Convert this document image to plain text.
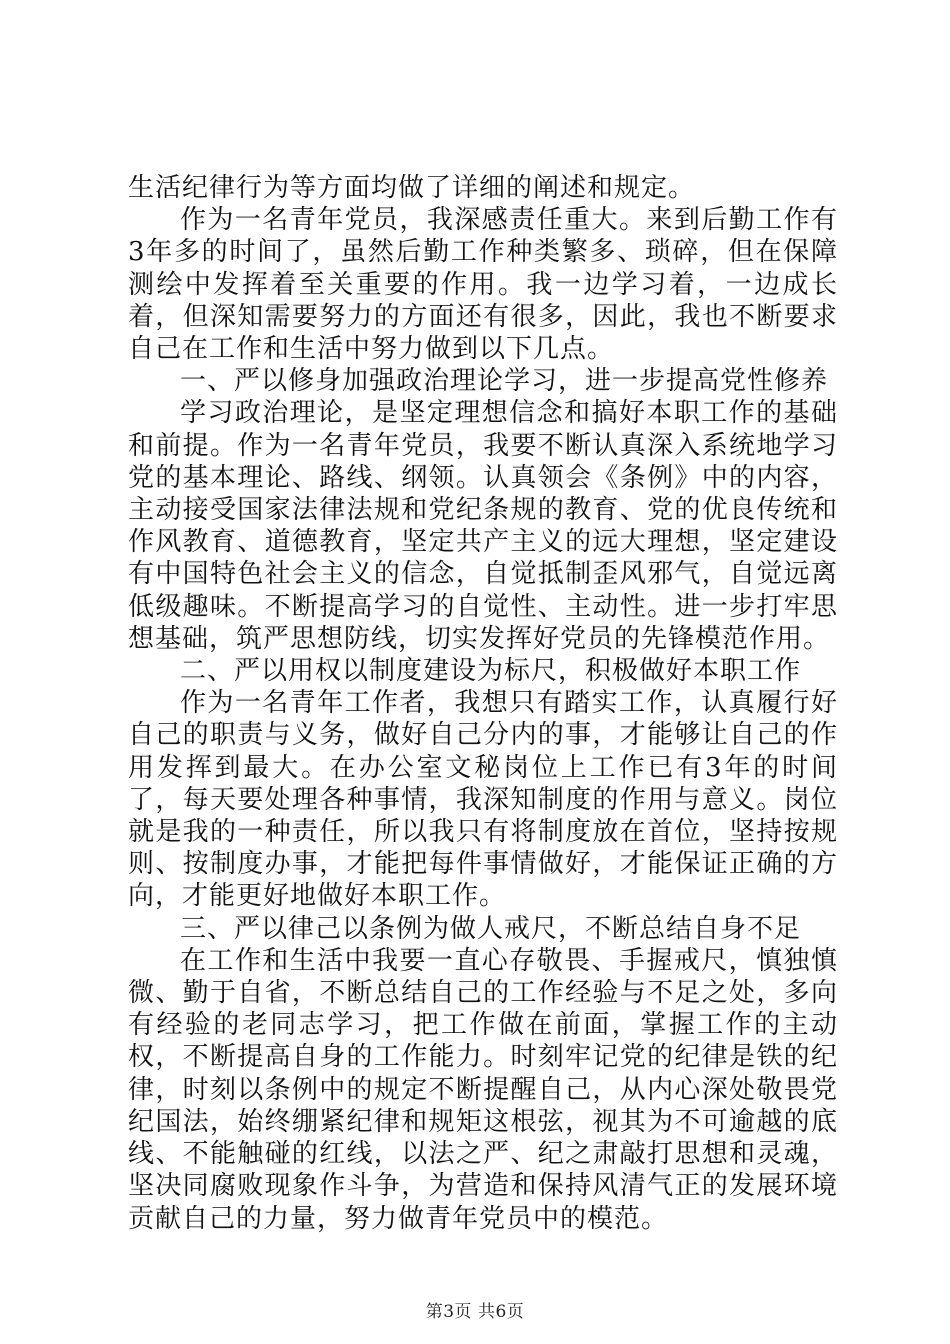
生活纪律行为等方面均做了详细的阐述和规定。

作为一名青年党员，我深感责任重大。来到后勤工作有3年多的时间了，虽然后勤工作种类繁多、琐碎，但在保障测绘中发挥着至关重要的作用。我一边学习着，一边成长着，但深知需要努力的方面还有很多，因此，我也不断要求自己在工作和生活中努力做到以下几点。

一、严以修身加强政治理论学习，进一步提高党性修养

学习政治理论，是坚定理想信念和搞好本职工作的基础和前提。作为一名青年党员，我要不断认真深入系统地学习党的基本理论、路线、纲领。认真领会《条例》中的内容，主动接受国家法律法规和党纪条规的教育、党的优良传统和作风教育、道德教育，坚定共产主义的远大理想，坚定建设有中国特色社会主义的信念，自觉抵制歪风邪气，自觉远离低级趣味。不断提高学习的自觉性、主动性。进一步打牢思想基础，筑严思想防线，切实发挥好党员的先锋模范作用。

二、严以用权以制度建设为标尺，积极做好本职工作

作为一名青年工作者，我想只有踏实工作，认真履行好自己的职责与义务，做好自己分内的事，才能够让自己的作用发挥到最大。在办公室文秘岗位上工作已有3年的时间了，每天要处理各种事情，我深知制度的作用与意义。岗位就是我的一种责任，所以我只有将制度放在首位，坚持按规则、按制度办事，才能把每件事情做好，才能保证正确的方向，才能更好地做好本职工作。

三、严以律己以条例为做人戒尺，不断总结自身不足

在工作和生活中我要一直心存敬畏、手握戒尺，慎独慎微、勤于自省，不断总结自己的工作经验与不足之处，多向有经验的老同志学习，把工作做在前面，掌握工作的主动权，不断提高自身的工作能力。时刻牢记党的纪律是铁的纪律，时刻以条例中的规定不断提醒自己，从内心深处敬畏党纪国法，始终绷紧纪律和规矩这根弦，视其为不可逾越的底线、不能触碰的红线，以法之严、纪之肃敲打思想和灵魂，坚决同腐败现象作斗争，为营造和保持风清气正的发展环境贡献自己的力量，努力做青年党员中的模范。

第3页 共6页
